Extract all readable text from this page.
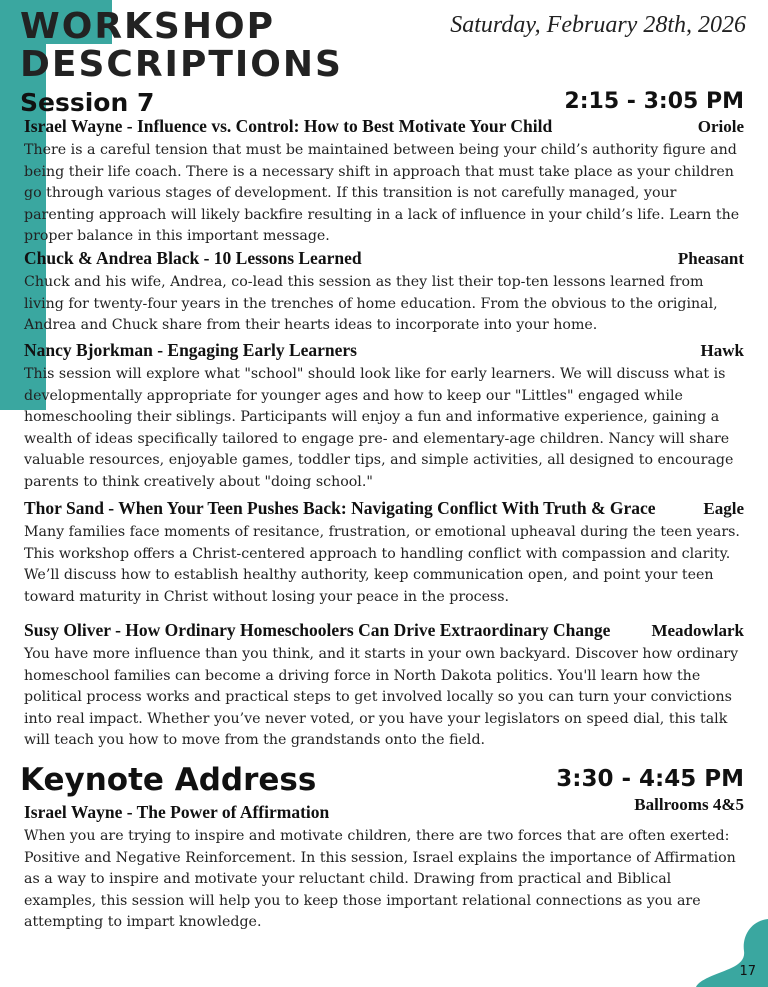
WORKSHOP
DESCRIPTIONS
Saturday, February 28th, 2026
Session 7	2:15 - 3:05 PM
Israel Wayne - Influence vs. Control: How to Best Motivate Your Child	Oriole

There is a careful tension that must be maintained between being your child’s authority figure and being their life coach. There is a necessary shift in approach that must take place as your children go through various stages of development. If this transition is not carefully managed, your parenting approach will likely backfire resulting in a lack of influence in your child’s life. Learn the proper balance in this important message.

Chuck & Andrea Black - 10 Lessons Learned	Pheasant

Chuck and his wife, Andrea, co-lead this session as they list their top-ten lessons learned from living for twenty-four years in the trenches of home education. From the obvious to the original, Andrea and Chuck share from their hearts ideas to incorporate into your home.

Nancy Bjorkman - Engaging Early Learners	Hawk

This session will explore what "school" should look like for early learners. We will discuss what is developmentally appropriate for younger ages and how to keep our "Littles" engaged while homeschooling their siblings. Participants will enjoy a fun and informative experience, gaining a wealth of ideas specifically tailored to engage pre- and elementary-age children. Nancy will share valuable resources, enjoyable games, toddler tips, and simple activities, all designed to encourage parents to think creatively about "doing school."

Thor Sand - When Your Teen Pushes Back: Navigating Conflict With Truth & Grace	Eagle

Many families face moments of resitance, frustration, or emotional upheaval during the teen years. This workshop offers a Christ-centered approach to handling conflict with compassion and clarity. We’ll discuss how to establish healthy authority, keep communication open, and point your teen toward maturity in Christ without losing your peace in the process.

Susy Oliver - How Ordinary Homeschoolers Can Drive Extraordinary Change Meadowlark

You have more influence than you think, and it starts in your own backyard. Discover how ordinary homeschool families can become a driving force in North Dakota politics. You'll learn how the political process works and practical steps to get involved locally so you can turn your convictions into real impact. Whether you’ve never voted, or you have your legislators on speed dial, this talk will teach you how to move from the grandstands onto the field.

Keynote Address	3:30 - 4:45 PM
Israel Wayne - The Power of Affirmation	Ballrooms 4&5

When you are trying to inspire and motivate children, there are two forces that are often exerted: Positive and Negative Reinforcement. In this session, Israel explains the importance of Affirmation as a way to inspire and motivate your reluctant child. Drawing from practical and Biblical examples, this session will help you to keep those important relational connections as you are attempting to impart knowledge.

17
